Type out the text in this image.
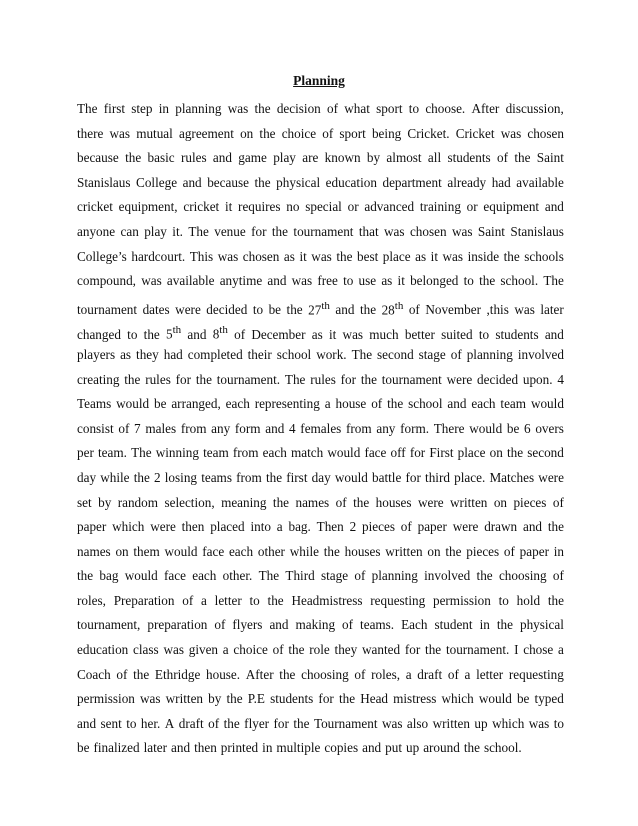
Planning
The first step in planning was the decision of what sport to choose. After discussion,
there was mutual agreement on the choice of sport being Cricket. Cricket was chosen
because the basic rules and game play are known by almost all students of the Saint
Stanislaus College and because the physical education department already had available
cricket equipment, cricket it requires no special or advanced training or equipment and
anyone can play it. The venue for the tournament that was chosen was Saint Stanislaus
College’s hardcourt. This was chosen as it was the best place as it was inside the schools
compound, was available anytime and was free to use as it belonged to the school. The
tournament dates were decided to be the 27th and the 28th of November ,this was later
changed to the 5th and 8th of December as it was much better suited to students and
players as they had completed their school work. The second stage of planning involved
creating the rules for the tournament. The rules for the tournament were decided upon. 4
Teams would be arranged, each representing a house of the school and each team would
consist of 7 males from any form and 4 females from any form. There would be 6 overs
per team. The winning team from each match would face off for First place on the second
day while the 2 losing teams from the first day would battle for third place. Matches were
set by random selection, meaning the names of the houses were written on pieces of
paper which were then placed into a bag. Then 2 pieces of paper were drawn and the
names on them would face each other while the houses written on the pieces of paper in
the bag would face each other. The Third stage of planning involved the choosing of
roles, Preparation of a letter to the Headmistress requesting permission to hold the
tournament, preparation of flyers and making of teams. Each student in the physical
education class was given a choice of the role they wanted for the tournament. I chose a
Coach of the Ethridge house. After the choosing of roles, a draft of a letter requesting
permission was written by the P.E students for the Head mistress which would be typed
and sent to her. A draft of the flyer for the Tournament was also written up which was to
be finalized later and then printed in multiple copies and put up around the school.
